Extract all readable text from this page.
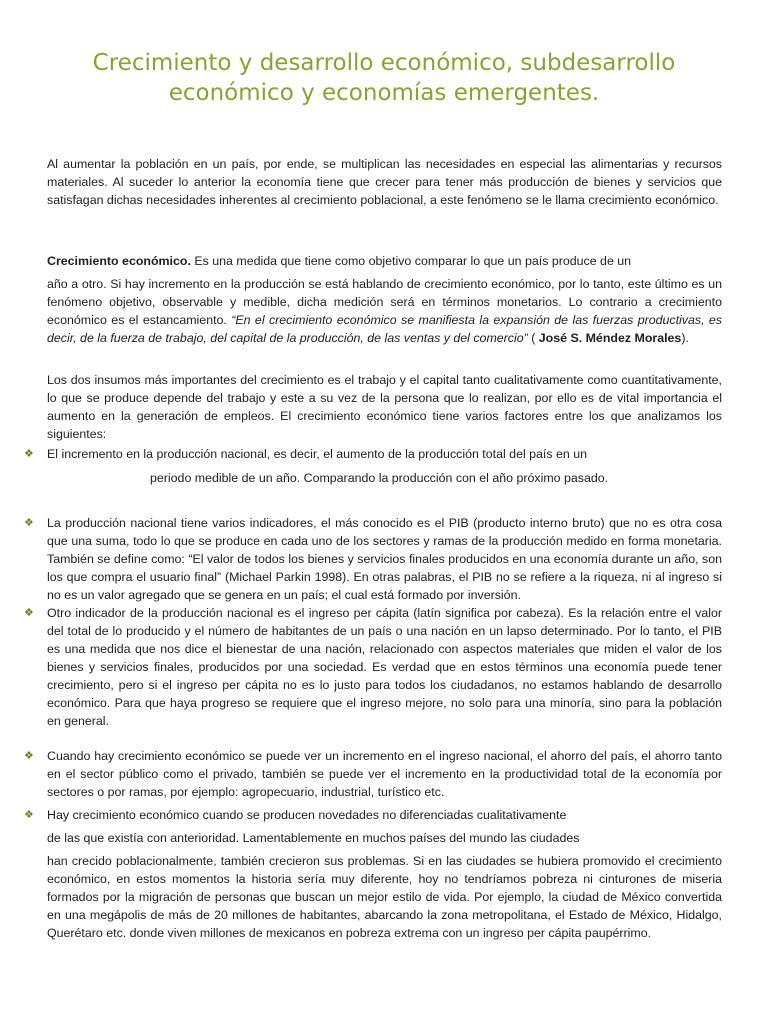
Crecimiento y desarrollo económico, subdesarrollo
económico y economías emergentes.

Al aumentar la población en un país, por ende, se multiplican las necesidades en especial las alimentarias y recursos materiales. Al suceder lo anterior la economía tiene que crecer para tener más producción de bienes y servicios que satisfagan dichas necesidades inherentes al crecimiento poblacional, a este fenómeno se le llama crecimiento económico.

Crecimiento económico. Es una medida que tiene como objetivo comparar lo que un país produce de un

año a otro. Si hay incremento en la producción se está hablando de crecimiento económico, por lo tanto, este último es un fenómeno objetivo, observable y medible, dicha medición será en términos monetarios. Lo contrario a crecimiento económico es el estancamiento. “En el crecimiento económico se manifiesta la expansión de las fuerzas productivas, es decir, de la fuerza de trabajo, del capital de la producción, de las ventas y del comercio” ( José S. Méndez Morales).

Los dos insumos más importantes del crecimiento es el trabajo y el capital tanto cualitativamente como cuantitativamente, lo que se produce depende del trabajo y este a su vez de la persona que lo realizan, por ello es de vital importancia el aumento en la generación de empleos. El crecimiento económico tiene varios factores entre los que analizamos los siguientes:

❖ El incremento en la producción nacional, es decir, el aumento de la producción total del país en un

periodo medible de un año. Comparando la producción con el año próximo pasado.

❖ La producción nacional tiene varios indicadores, el más conocido es el PIB (producto interno bruto) que no es otra cosa que una suma, todo lo que se produce en cada uno de los sectores y ramas de la producción medido en forma monetaria. También se define como: “El valor de todos los bienes y servicios finales producidos en una economía durante un año, son los que compra el usuario final” (Michael Parkin 1998). En otras palabras, el PIB no se refiere a la riqueza, ni al ingreso si no es un valor agregado que se genera en un país; el cual está formado por inversión.

❖ Otro indicador de la producción nacional es el ingreso per cápita (latín significa por cabeza). Es la relación entre el valor del total de lo producido y el número de habitantes de un país o una nación en un lapso determinado. Por lo tanto, el PIB es una medida que nos dice el bienestar de una nación, relacionado con aspectos materiales que miden el valor de los bienes y servicios finales, producidos por una sociedad. Es verdad que en estos términos una economía puede tener crecimiento, pero si el ingreso per cápita no es lo justo para todos los ciudadanos, no estamos hablando de desarrollo económico. Para que haya progreso se requiere que el ingreso mejore, no solo para una minoría, sino para la población en general.

❖ Cuando hay crecimiento económico se puede ver un incremento en el ingreso nacional, el ahorro del país, el ahorro tanto en el sector público como el privado, también se puede ver el incremento en la productividad total de la economía por sectores o por ramas, por ejemplo: agropecuario, industrial, turístico etc.

❖ Hay crecimiento económico cuando se producen novedades no diferenciadas cualitativamente

de las que existía con anterioridad. Lamentablemente en muchos países del mundo las ciudades

han crecido poblacionalmente, también crecieron sus problemas. Si en las ciudades se hubiera promovido el crecimiento económico, en estos momentos la historia sería muy diferente, hoy no tendríamos pobreza ni cinturones de miseria formados por la migración de personas que buscan un mejor estilo de vida. Por ejemplo, la ciudad de México convertida en una megápolis de más de 20 millones de habitantes, abarcando la zona metropolitana, el Estado de México, Hidalgo, Querétaro etc. donde viven millones de mexicanos en pobreza extrema con un ingreso per cápita paupérrimo.
